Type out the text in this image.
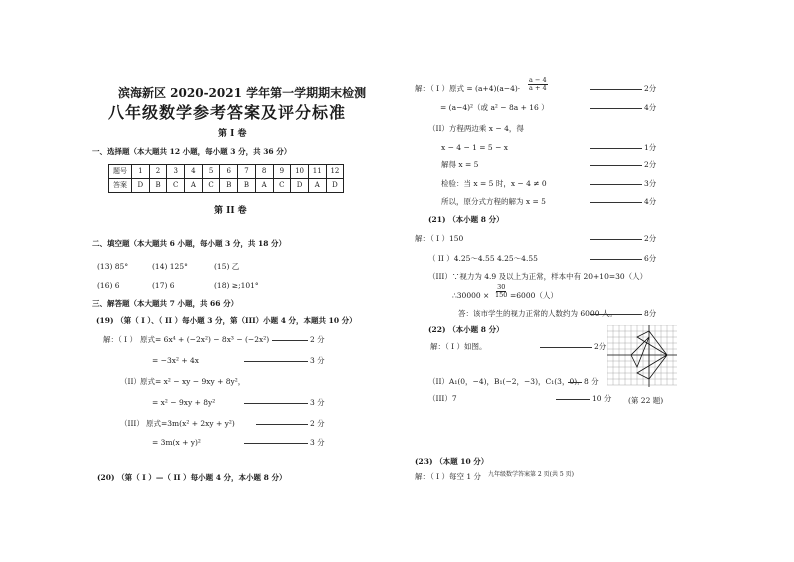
滨海新区 2020-2021 学年第一学期期末检测
八年级数学参考答案及评分标准
第 I 卷
一、选择题（本大题共 12 小题，每小题 3 分，共 36 分）
题号	1	2	3	4	5	6	7	8	9	10	11	12
答案	D	B	C	A	C	B	B	A	C	D	A	D
第 II 卷
二、填空题（本大题共 6 小题，每小题 3 分，共 18 分）
(13) 85°	(14) 125°	(15) 乙
(16) 6	(17) 6	(18) ≥;101°
三、解答题（本大题共 7 小题，共 66 分）
(19) （第（ I ）、（ II ）每小题 3 分，第（III）小题 4 分，本题共 10 分）
解：（ I ） 原式= 6x⁴ + (−2x²) − 8x³ − (−2x²)	2 分
= −3x² + 4x	3 分
（II） 原式= x² − xy − 9xy + 8y²，
= x² − 9xy + 8y²	3 分
（III） 原式=3m(x² + 2xy + y²)	2 分
= 3m(x + y)²	3 分
(20) （第（ I ）—（ II ）每小题 4 分，本小题 8 分）
解：（ I ）原式 = $(a+4)(a-4)\cdot \frac{a - 4}{a + 4}$	2分
= (a−4)²（或 a² − 8a + 16 ）	4分
（II）方程两边乘 x − 4，得
x − 4 − 1 = 5 − x	1分
解得 x = 5	2分
检验：当 x = 5 时，x − 4 ≠ 0	3分
所以，原分式方程的解为 x = 5	4分
(21) （本小题 8 分）
解：（ I ）150	2分
（ II ）4.25～4.55 4.25～4.55	6分
（III）∵视力为 4.9 及以上为正常，样本中有 20+10=30（人）
∴30000 × $\frac{30}{150} =6000$（人）
答：该市学生的视力正常的人数约为 6000 人。	8分
(22) （本小题 8 分）
解：（ I ）如图。	2分
（II）A₁(0，−4)，B₁(−2，−3)，C₁(3，0)． 8 分
（III）7	10 分 (第 22 题)
(23) （本题 10 分）
九年级数学答案第 2 页(共 5 页)
解：（ I ）每空 1 分
